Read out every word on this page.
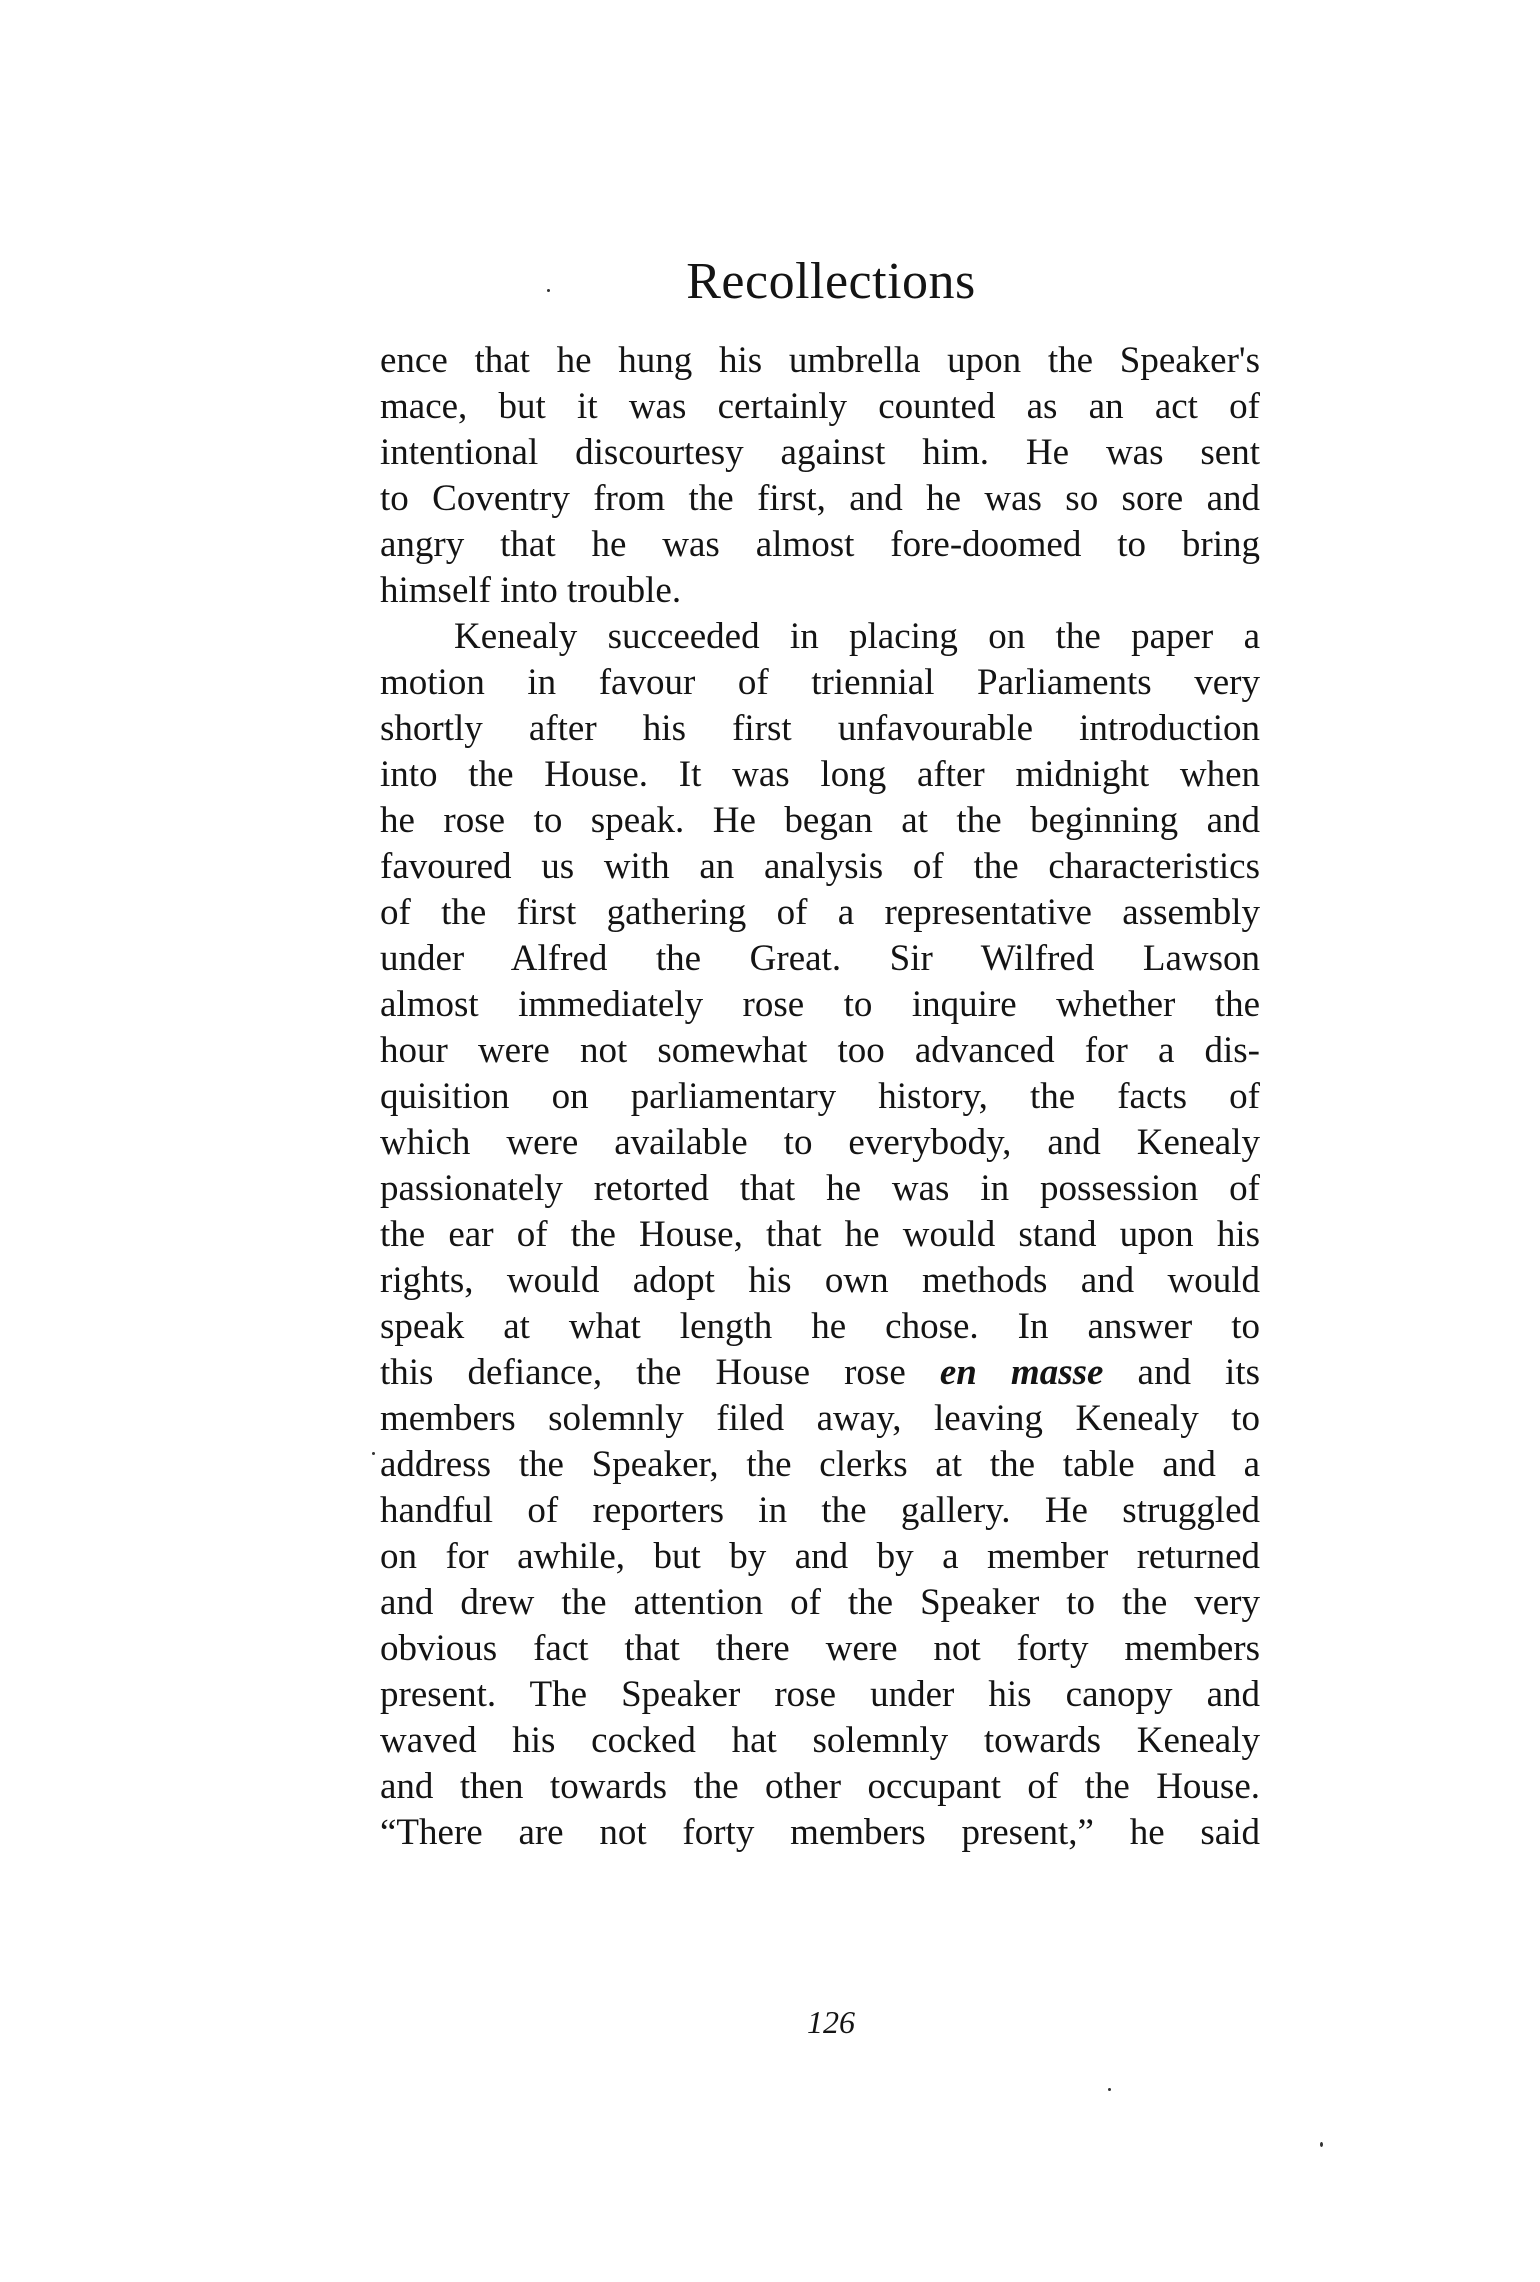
Recollections
ence that he hung his umbrella upon the Speaker's
mace, but it was certainly counted as an act of
intentional discourtesy against him. He was sent
to Coventry from the first, and he was so sore and
angry that he was almost fore-doomed to bring
himself into trouble.
Kenealy succeeded in placing on the paper a
motion in favour of triennial Parliaments very
shortly after his first unfavourable introduction
into the House. It was long after midnight when
he rose to speak. He began at the beginning and
favoured us with an analysis of the characteristics
of the first gathering of a representative assembly
under Alfred the Great. Sir Wilfred Lawson
almost immediately rose to inquire whether the
hour were not somewhat too advanced for a dis-
quisition on parliamentary history, the facts of
which were available to everybody, and Kenealy
passionately retorted that he was in possession of
the ear of the House, that he would stand upon his
rights, would adopt his own methods and would
speak at what length he chose. In answer to
this defiance, the House rose en masse and its
members solemnly filed away, leaving Kenealy to
address the Speaker, the clerks at the table and a
handful of reporters in the gallery. He struggled
on for awhile, but by and by a member returned
and drew the attention of the Speaker to the very
obvious fact that there were not forty members
present. The Speaker rose under his canopy and
waved his cocked hat solemnly towards Kenealy
and then towards the other occupant of the House.
“There are not forty members present,” he said
126
